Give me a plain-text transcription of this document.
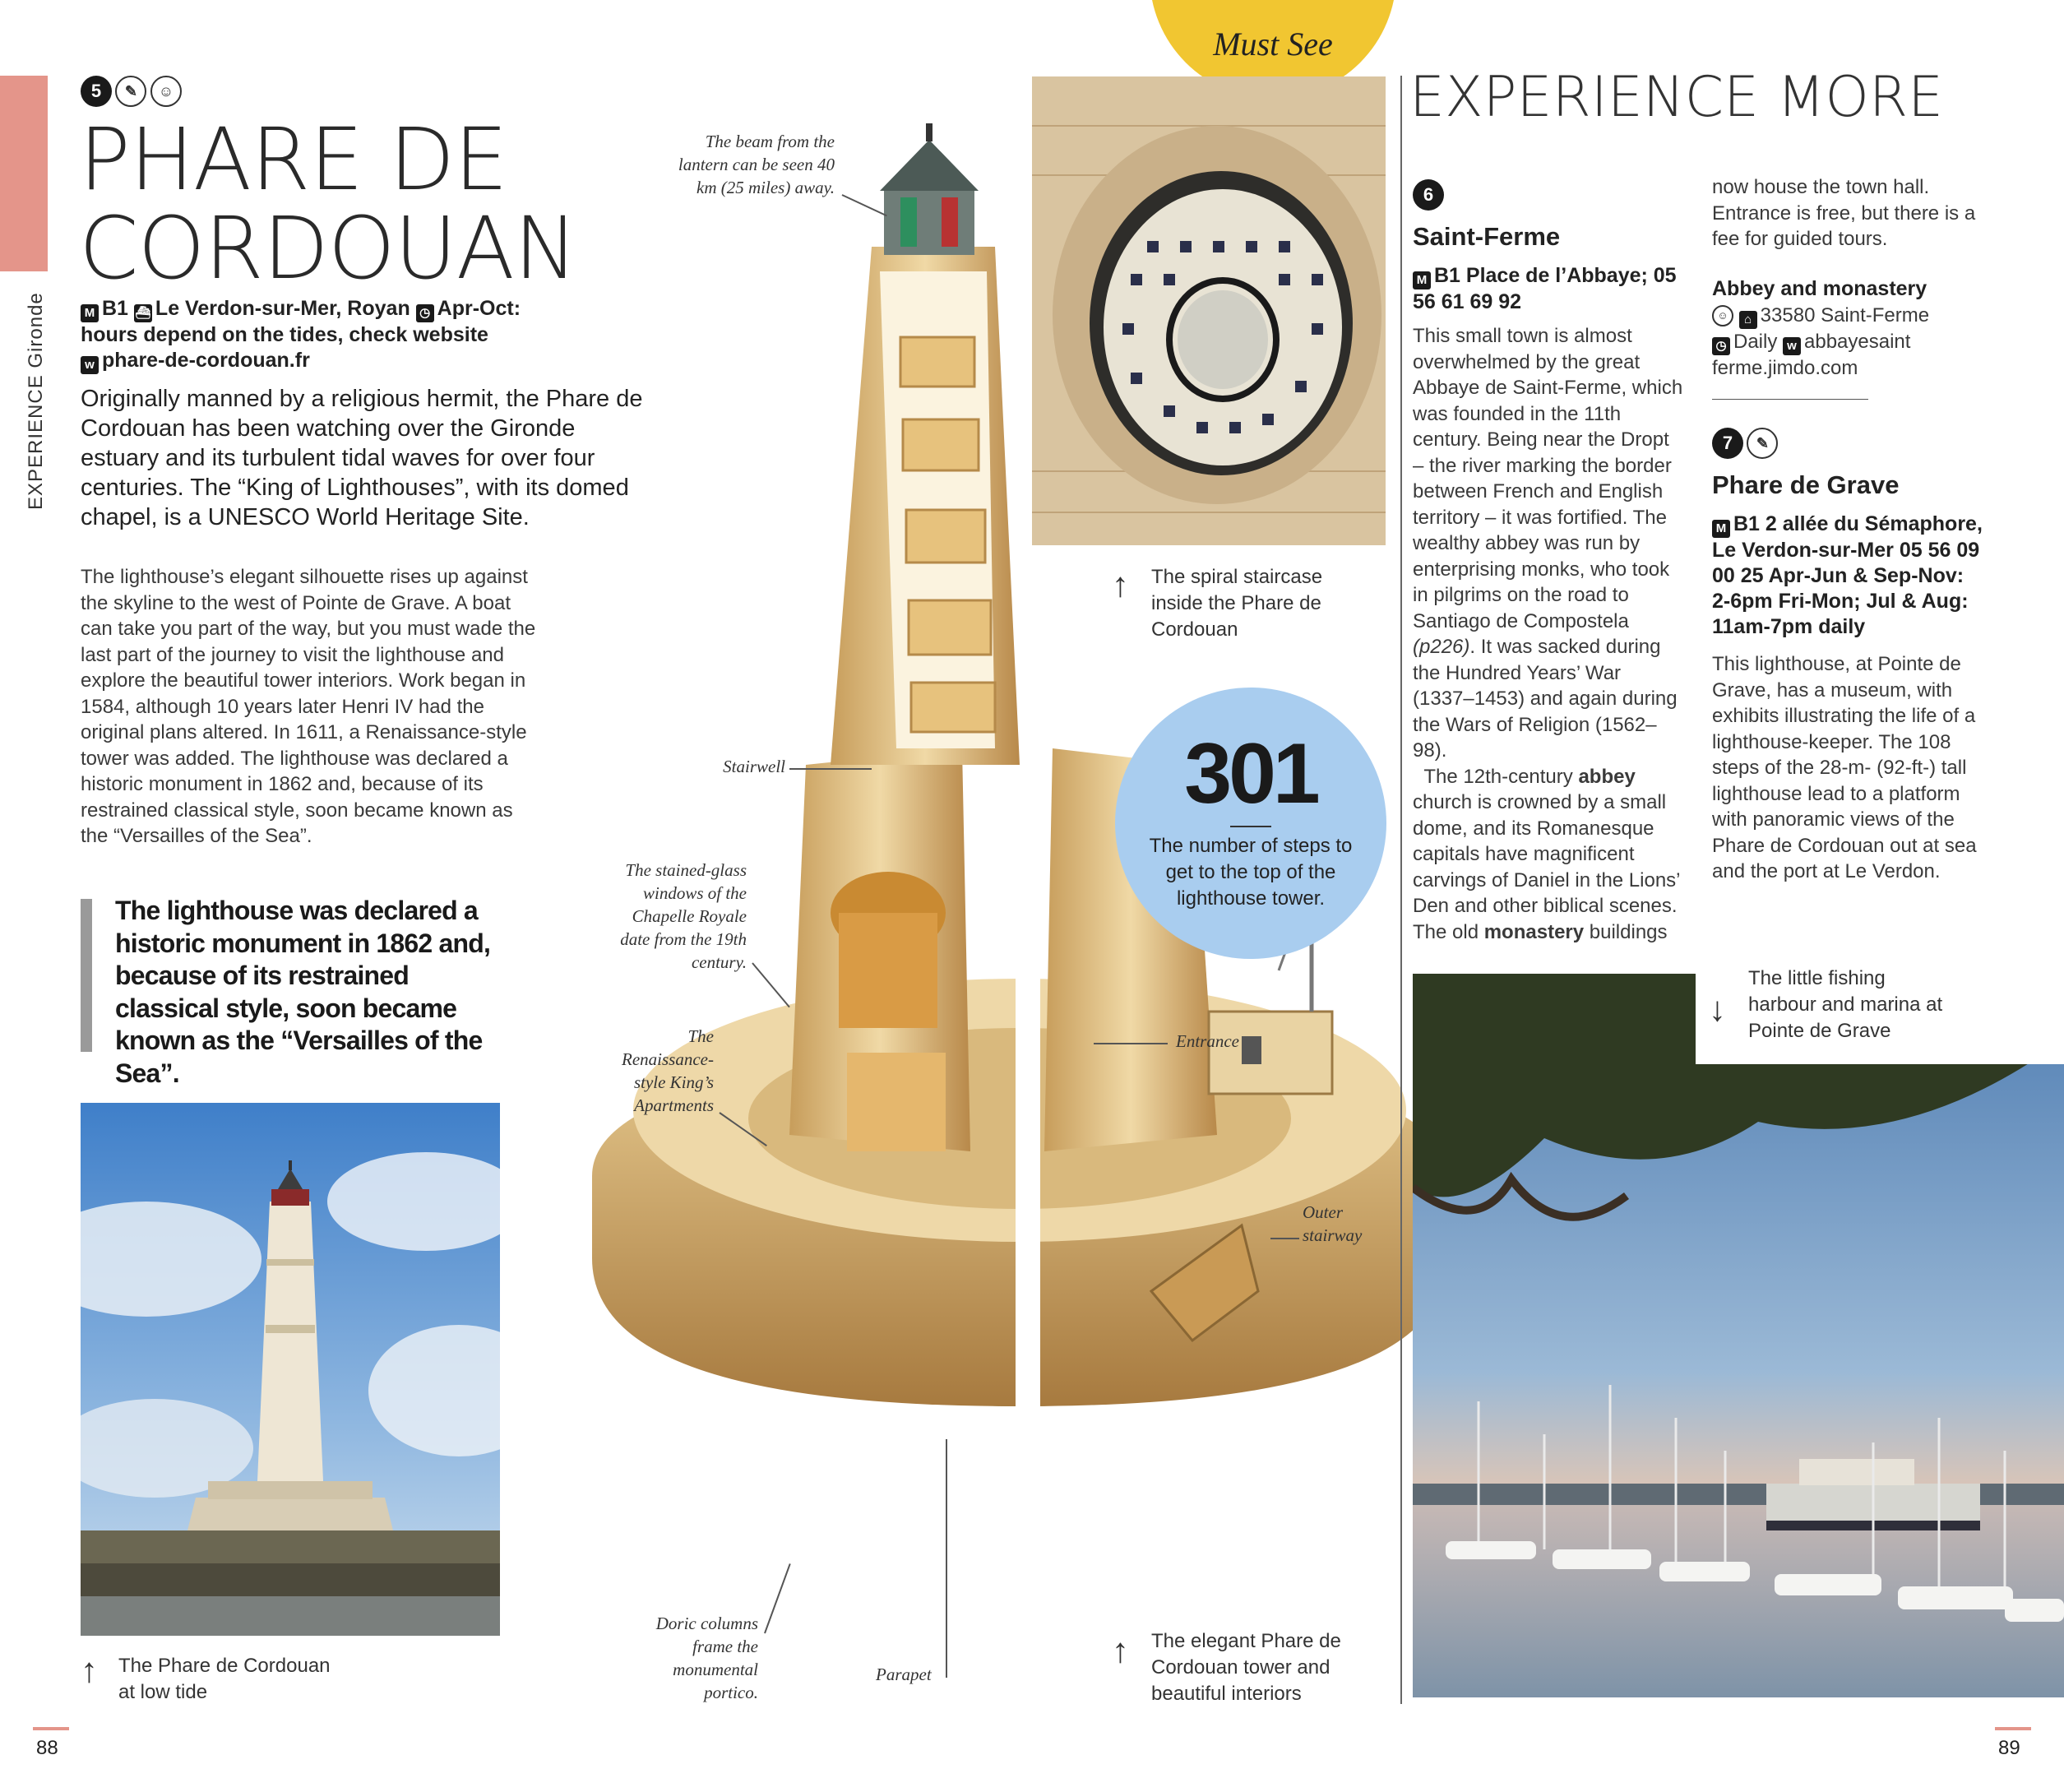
EXPERIENCE Gironde
5 ✎ ☺
PHARE DE
CORDOUAN
M B1 ⛴ Le Verdon-sur-Mer, Royan ◷ Apr-Oct:
hours depend on the tides, check website
w phare-de-cordouan.fr
Originally manned by a religious hermit, the Phare de Cordouan has been watching over the Gironde estuary and its turbulent tidal waves for over four centuries. The “King of Lighthouses”, with its domed chapel, is a UNESCO World Heritage Site.
The lighthouse’s elegant silhouette rises up against the skyline to the west of Pointe de Grave. A boat can take you part of the way, but you must wade the last part of the journey to visit the lighthouse and explore the beautiful tower interiors. Work began in 1584, although 10 years later Henri IV had the original plans altered. In 1611, a Renaissance-style tower was added. The lighthouse was declared a historic monument in 1862 and, because of its restrained classical style, soon became known as the “Versailles of the Sea”.
The lighthouse was declared a historic monument in 1862 and, because of its restrained classical style, soon became known as the “Versailles of the Sea”.
↑ The Phare de Cordouan at low tide
88
The beam from the lantern can be seen 40 km (25 miles) away.
Stairwell
The stained-glass windows of the Chapelle Royale date from the 19th century.
The Renaissance-style King’s Apartments
Doric columns frame the monumental portico.
Parapet
Entrance
Outer stairway
Must See
↑ The spiral staircase inside the Phare de Cordouan
301
The number of steps to get to the top of the lighthouse tower.
↑ The elegant Phare de Cordouan tower and beautiful interiors
EXPERIENCE MORE
6
Saint-Ferme
M B1 Place de l’Abbaye; 05 56 61 69 92
This small town is almost overwhelmed by the great Abbaye de Saint-Ferme, which was founded in the 11th century. Being near the Dropt – the river marking the border between French and English territory – it was fortified. The wealthy abbey was run by enterprising monks, who took in pilgrims on the road to Santiago de Compostela (p226). It was sacked during the Hundred Years’ War (1337–1453) and again during the Wars of Religion (1562–98).
The 12th-century abbey church is crowned by a small dome, and its Romanesque capitals have magnificent carvings of Daniel in the Lions’ Den and other biblical scenes. The old monastery buildings
now house the town hall. Entrance is free, but there is a fee for guided tours.
Abbey and monastery
☺ ⌂ 33580 Saint-Ferme
◷ Daily w abbayesaint ferme.jimdo.com
7 ✎
Phare de Grave
M B1 2 allée du Sémaphore, Le Verdon-sur-Mer 05 56 09 00 25 Apr-Jun & Sep-Nov: 2-6pm Fri-Mon; Jul & Aug: 11am-7pm daily
This lighthouse, at Pointe de Grave, has a museum, with exhibits illustrating the life of a lighthouse-keeper. The 108 steps of the 28-m- (92-ft-) tall lighthouse lead to a platform with panoramic views of the Phare de Cordouan out at sea and the port at Le Verdon.
↓
The little fishing harbour and marina at Pointe de Grave
89
